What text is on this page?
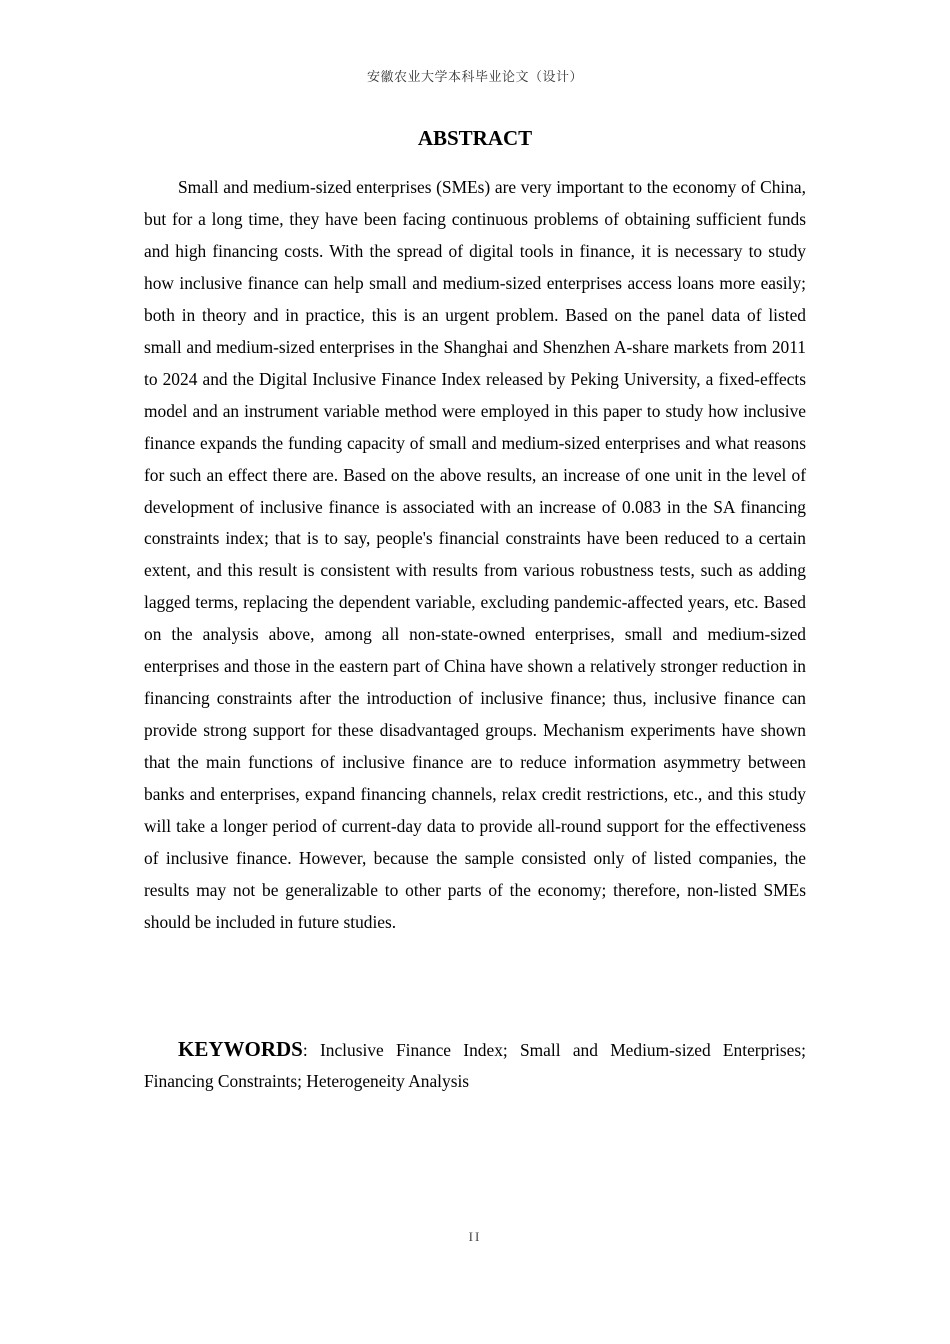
安徽农业大学本科毕业论文（设计）
ABSTRACT

Small and medium-sized enterprises (SMEs) are very important to the economy of China, but for a long time, they have been facing continuous problems of obtaining sufficient funds and high financing costs. With the spread of digital tools in finance, it is necessary to study how inclusive finance can help small and medium-sized enterprises access loans more easily; both in theory and in practice, this is an urgent problem. Based on the panel data of listed small and medium-sized enterprises in the Shanghai and Shenzhen A-share markets from 2011 to 2024 and the Digital Inclusive Finance Index released by Peking University, a fixed-effects model and an instrument variable method were employed in this paper to study how inclusive finance expands the funding capacity of small and medium-sized enterprises and what reasons for such an effect there are. Based on the above results, an increase of one unit in the level of development of inclusive finance is associated with an increase of 0.083 in the SA financing constraints index; that is to say, people's financial constraints have been reduced to a certain extent, and this result is consistent with results from various robustness tests, such as adding lagged terms, replacing the dependent variable, excluding pandemic-affected years, etc. Based on the analysis above, among all non-state-owned enterprises, small and medium-sized enterprises and those in the eastern part of China have shown a relatively stronger reduction in financing constraints after the introduction of inclusive finance; thus, inclusive finance can provide strong support for these disadvantaged groups. Mechanism experiments have shown that the main functions of inclusive finance are to reduce information asymmetry between banks and enterprises, expand financing channels, relax credit restrictions, etc., and this study will take a longer period of current-day data to provide all-round support for the effectiveness of inclusive finance. However, because the sample consisted only of listed companies, the results may not be generalizable to other parts of the economy; therefore, non-listed SMEs should be included in future studies.

KEYWORDS: Inclusive Finance Index; Small and Medium-sized Enterprises; Financing Constraints; Heterogeneity Analysis

II
